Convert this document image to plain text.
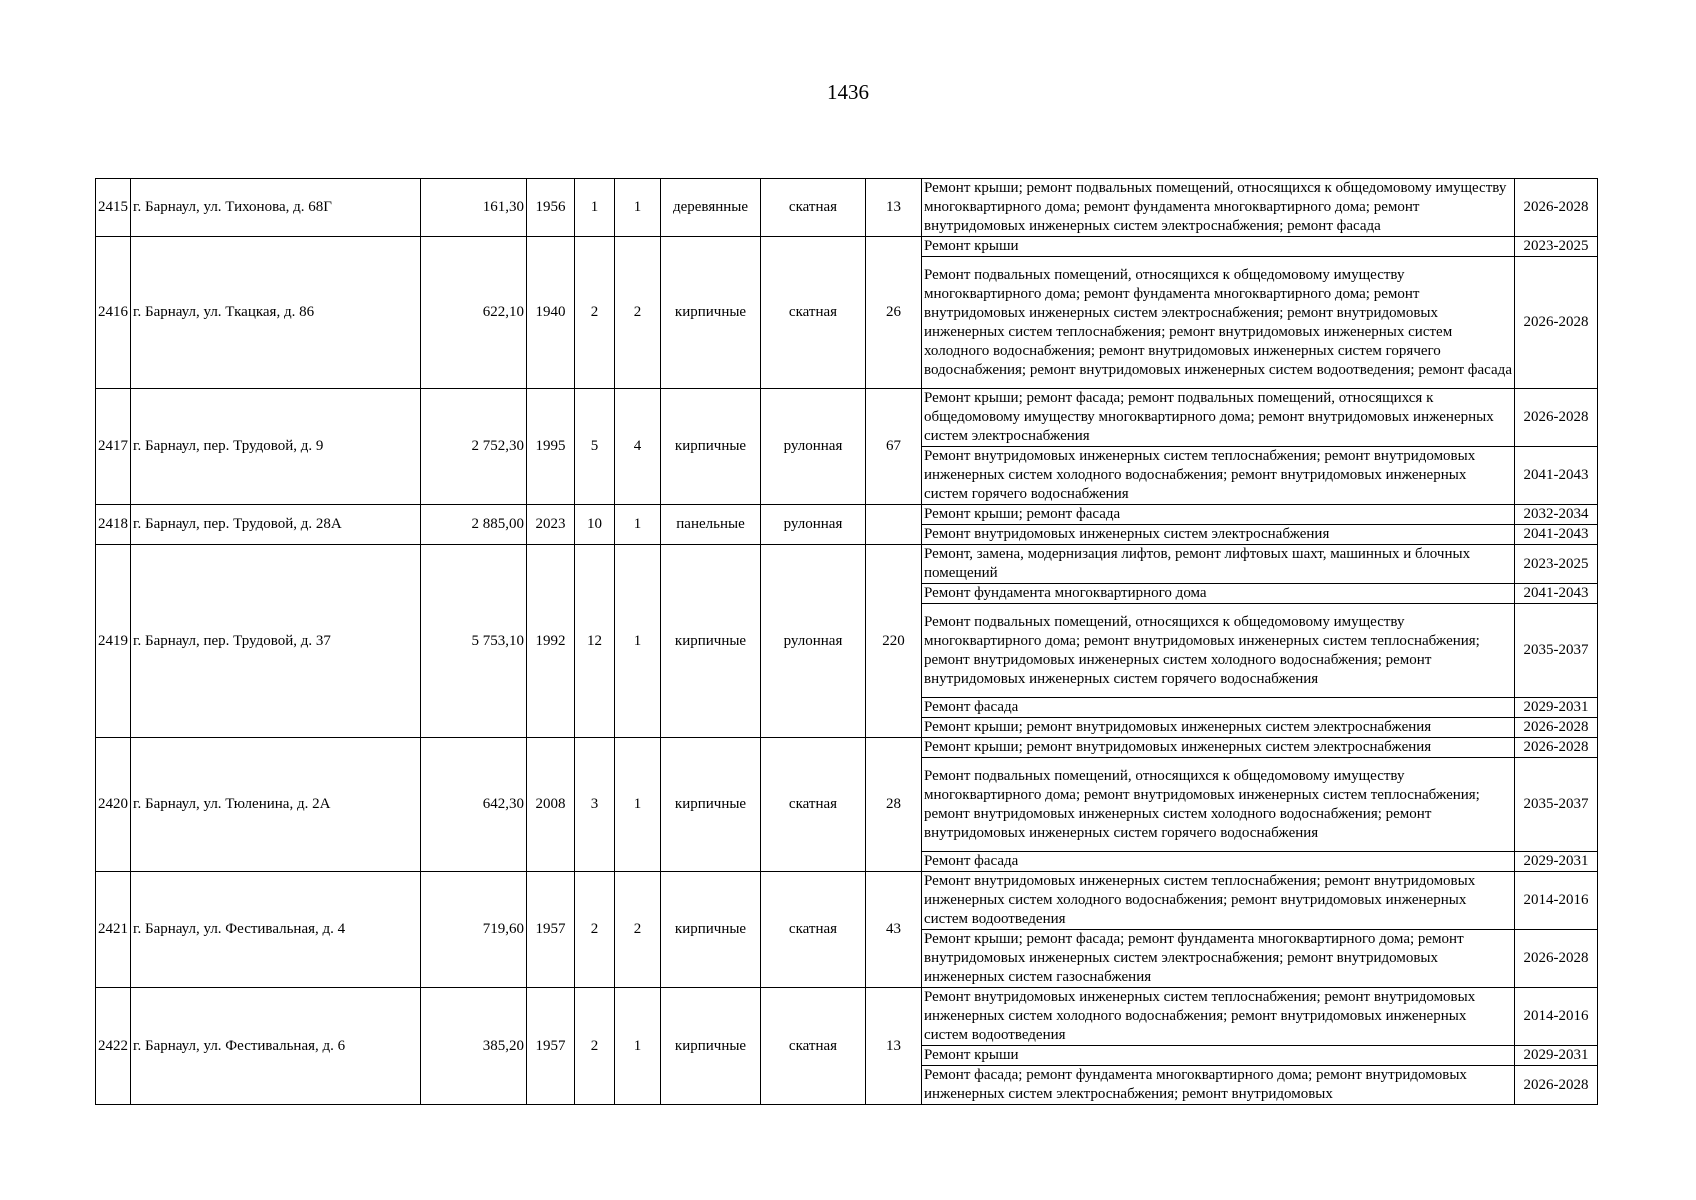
1436
2415	г. Барнаул, ул. Тихонова, д. 68Г	161,30	1956	1	1	деревянные	скатная	13	Ремонт крыши; ремонт подвальных помещений, относящихся к общедомовому имуществу многоквартирного дома; ремонт фундамента многоквартирного дома; ремонт внутридомовых инженерных систем электроснабжения; ремонт фасада	2026-2028
2416	г. Барнаул, ул. Ткацкая, д. 86	622,10	1940	2	2	кирпичные	скатная	26	Ремонт крыши	2023-2025
									Ремонт подвальных помещений, относящихся к общедомовому имуществу многоквартирного дома; ремонт фундамента многоквартирного дома; ремонт внутридомовых инженерных систем электроснабжения; ремонт внутридомовых инженерных систем теплоснабжения; ремонт внутридомовых инженерных систем холодного водоснабжения; ремонт внутридомовых инженерных систем горячего водоснабжения; ремонт внутридомовых инженерных систем водоотведения; ремонт фасада	2026-2028
2417	г. Барнаул, пер. Трудовой, д. 9	2 752,30	1995	5	4	кирпичные	рулонная	67	Ремонт крыши; ремонт фасада; ремонт подвальных помещений, относящихся к общедомовому имуществу многоквартирного дома; ремонт внутридомовых инженерных систем электроснабжения	2026-2028
									Ремонт внутридомовых инженерных систем теплоснабжения; ремонт внутридомовых инженерных систем холодного водоснабжения; ремонт внутридомовых инженерных систем горячего водоснабжения	2041-2043
2418	г. Барнаул, пер. Трудовой, д. 28А	2 885,00	2023	10	1	панельные	рулонная		Ремонт крыши; ремонт фасада	2032-2034
									Ремонт внутридомовых инженерных систем электроснабжения	2041-2043
2419	г. Барнаул, пер. Трудовой, д. 37	5 753,10	1992	12	1	кирпичные	рулонная	220	Ремонт, замена, модернизация лифтов, ремонт лифтовых шахт, машинных и блочных помещений	2023-2025
									Ремонт фундамента многоквартирного дома	2041-2043
									Ремонт подвальных помещений, относящихся к общедомовому имуществу многоквартирного дома; ремонт внутридомовых инженерных систем теплоснабжения; ремонт внутридомовых инженерных систем холодного водоснабжения; ремонт внутридомовых инженерных систем горячего водоснабжения	2035-2037
									Ремонт фасада	2029-2031
									Ремонт крыши; ремонт внутридомовых инженерных систем электроснабжения	2026-2028
2420	г. Барнаул, ул. Тюленина, д. 2А	642,30	2008	3	1	кирпичные	скатная	28	Ремонт крыши; ремонт внутридомовых инженерных систем электроснабжения	2026-2028
									Ремонт подвальных помещений, относящихся к общедомовому имуществу многоквартирного дома; ремонт внутридомовых инженерных систем теплоснабжения; ремонт внутридомовых инженерных систем холодного водоснабжения; ремонт внутридомовых инженерных систем горячего водоснабжения	2035-2037
									Ремонт фасада	2029-2031
2421	г. Барнаул, ул. Фестивальная, д. 4	719,60	1957	2	2	кирпичные	скатная	43	Ремонт внутридомовых инженерных систем теплоснабжения; ремонт внутридомовых инженерных систем холодного водоснабжения; ремонт внутридомовых инженерных систем водоотведения	2014-2016
									Ремонт крыши; ремонт фасада; ремонт фундамента многоквартирного дома; ремонт внутридомовых инженерных систем электроснабжения; ремонт внутридомовых инженерных систем газоснабжения	2026-2028
2422	г. Барнаул, ул. Фестивальная, д. 6	385,20	1957	2	1	кирпичные	скатная	13	Ремонт внутридомовых инженерных систем теплоснабжения; ремонт внутридомовых инженерных систем холодного водоснабжения; ремонт внутридомовых инженерных систем водоотведения	2014-2016
									Ремонт крыши	2029-2031
									Ремонт фасада; ремонт фундамента многоквартирного дома; ремонт внутридомовых инженерных систем электроснабжения; ремонт внутридомовых	2026-2028
